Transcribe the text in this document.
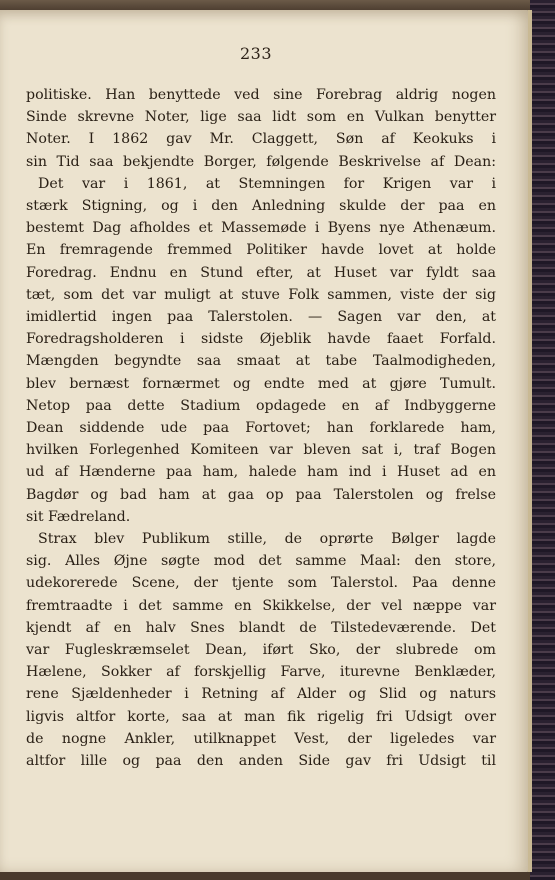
233
politiske. Han benyttede ved sine Forebrag aldrig nogen
Sinde skrevne Noter, lige saa lidt som en Vulkan benytter
Noter. I 1862 gav Mr. Claggett, Søn af Keokuks i
sin Tid saa bekjendte Borger, følgende Beskrivelse af Dean:
Det var i 1861, at Stemningen for Krigen var i
stærk Stigning, og i den Anledning skulde der paa en
bestemt Dag afholdes et Massemøde i Byens nye Athenæum.
En fremragende fremmed Politiker havde lovet at holde
Foredrag. Endnu en Stund efter, at Huset var fyldt saa
tæt, som det var muligt at stuve Folk sammen, viste der sig
imidlertid ingen paa Talerstolen. — Sagen var den, at
Foredragsholderen i sidste Øjeblik havde faaet Forfald.
Mængden begyndte saa smaat at tabe Taalmodigheden,
blev bernæst fornærmet og endte med at gjøre Tumult.
Netop paa dette Stadium opdagede en af Indbyggerne
Dean siddende ude paa Fortovet; han forklarede ham,
hvilken Forlegenhed Komiteen var bleven sat i, traf Bogen
ud af Hænderne paa ham, halede ham ind i Huset ad en
Bagdør og bad ham at gaa op paa Talerstolen og frelse
sit Fædreland.
Strax blev Publikum stille, de oprørte Bølger lagde
sig. Alles Øjne søgte mod det samme Maal: den store,
udekorerede Scene, der tjente som Talerstol. Paa denne
fremtraadte i det samme en Skikkelse, der vel næppe var
kjendt af en halv Snes blandt de Tilstedeværende. Det
var Fugleskræmselet Dean, iført Sko, der slubrede om
Hælene, Sokker af forskjellig Farve, iturevne Benklæder,
rene Sjældenheder i Retning af Alder og Slid og naturs
ligvis altfor korte, saa at man fik rigelig fri Udsigt over
de nogne Ankler, utilknappet Vest, der ligeledes var
altfor lille og paa den anden Side gav fri Udsigt til
